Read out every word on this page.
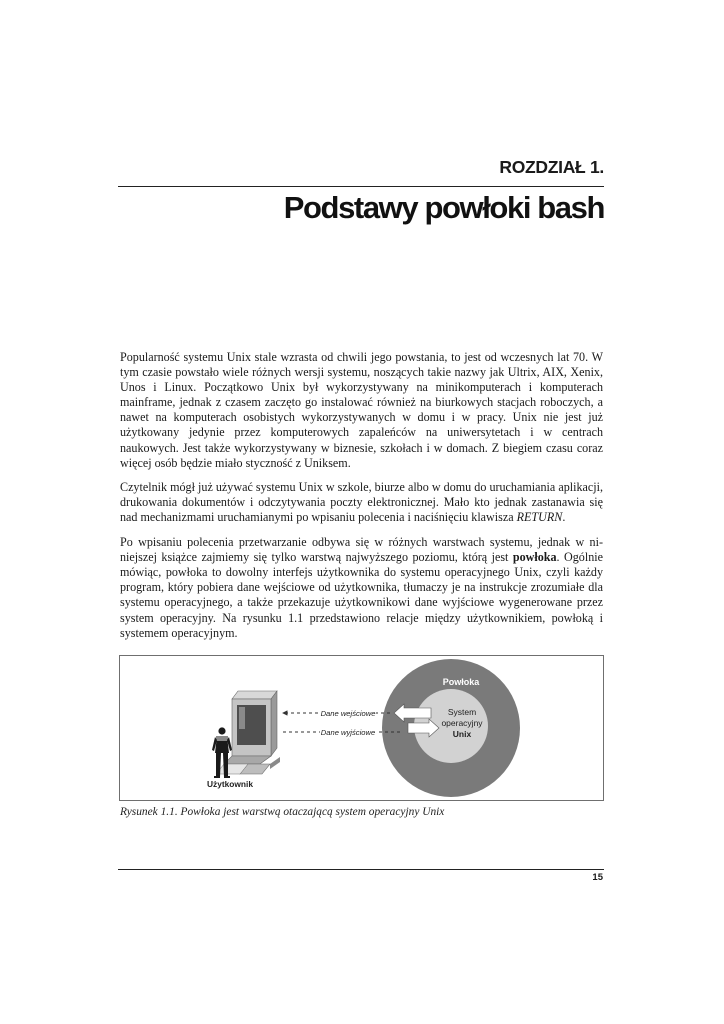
ROZDZIAŁ 1.
Podstawy powłoki bash

Popularność systemu Unix stale wzrasta od chwili jego powstania, to jest od wczesnych lat 70. W tym czasie powstało wiele różnych wersji systemu, noszących takie nazwy jak Ultrix, AIX, Xenix, Unos i Linux. Początkowo Unix był wykorzystywany na minikomputerach i komputerach mainframe, jednak z czasem zaczęto go instalować również na biurkowych stacjach roboczych, a nawet na komputerach osobistych wykorzystywanych w domu i w pracy. Unix nie jest już użytkowany jedynie przez komputerowych zapaleńców na uniwersytetach i w centrach naukowych. Jest także wykorzystywany w biznesie, szkołach i w domach. Z biegiem czasu coraz więcej osób będzie miało styczność z Uniksem.

Czytelnik mógł już używać systemu Unix w szkole, biurze albo w domu do uruchamiania aplikacji, drukowania dokumentów i odczytywania poczty elektronicznej. Mało kto jednak zastanawia się nad mechanizmami uruchamianymi po wpisaniu polecenia i naciśnięciu klawisza RETURN.

Po wpisaniu polecenia przetwarzanie odbywa się w różnych warstwach systemu, jednak w niniejszej książce zajmiemy się tylko warstwą najwyższego poziomu, którą jest powłoka. Ogólnie mówiąc, powłoka to dowolny interfejs użytkownika do systemu operacyjnego Unix, czyli każdy program, który pobiera dane wejściowe od użytkownika, tłumaczy je na instrukcje zrozumiałe dla systemu operacyjnego, a także przekazuje użytkownikowi dane wyjściowe wygenerowane przez system operacyjny. Na rysunku 1.1 przedstawiono relacje między użytkownikiem, powłoką i systemem operacyjnym.

Powłoka
System
operacyjny
Unix
Dane wejściowe
Dane wyjściowe
Użytkownik
Rysunek 1.1. Powłoka jest warstwą otaczającą system operacyjny Unix
15
